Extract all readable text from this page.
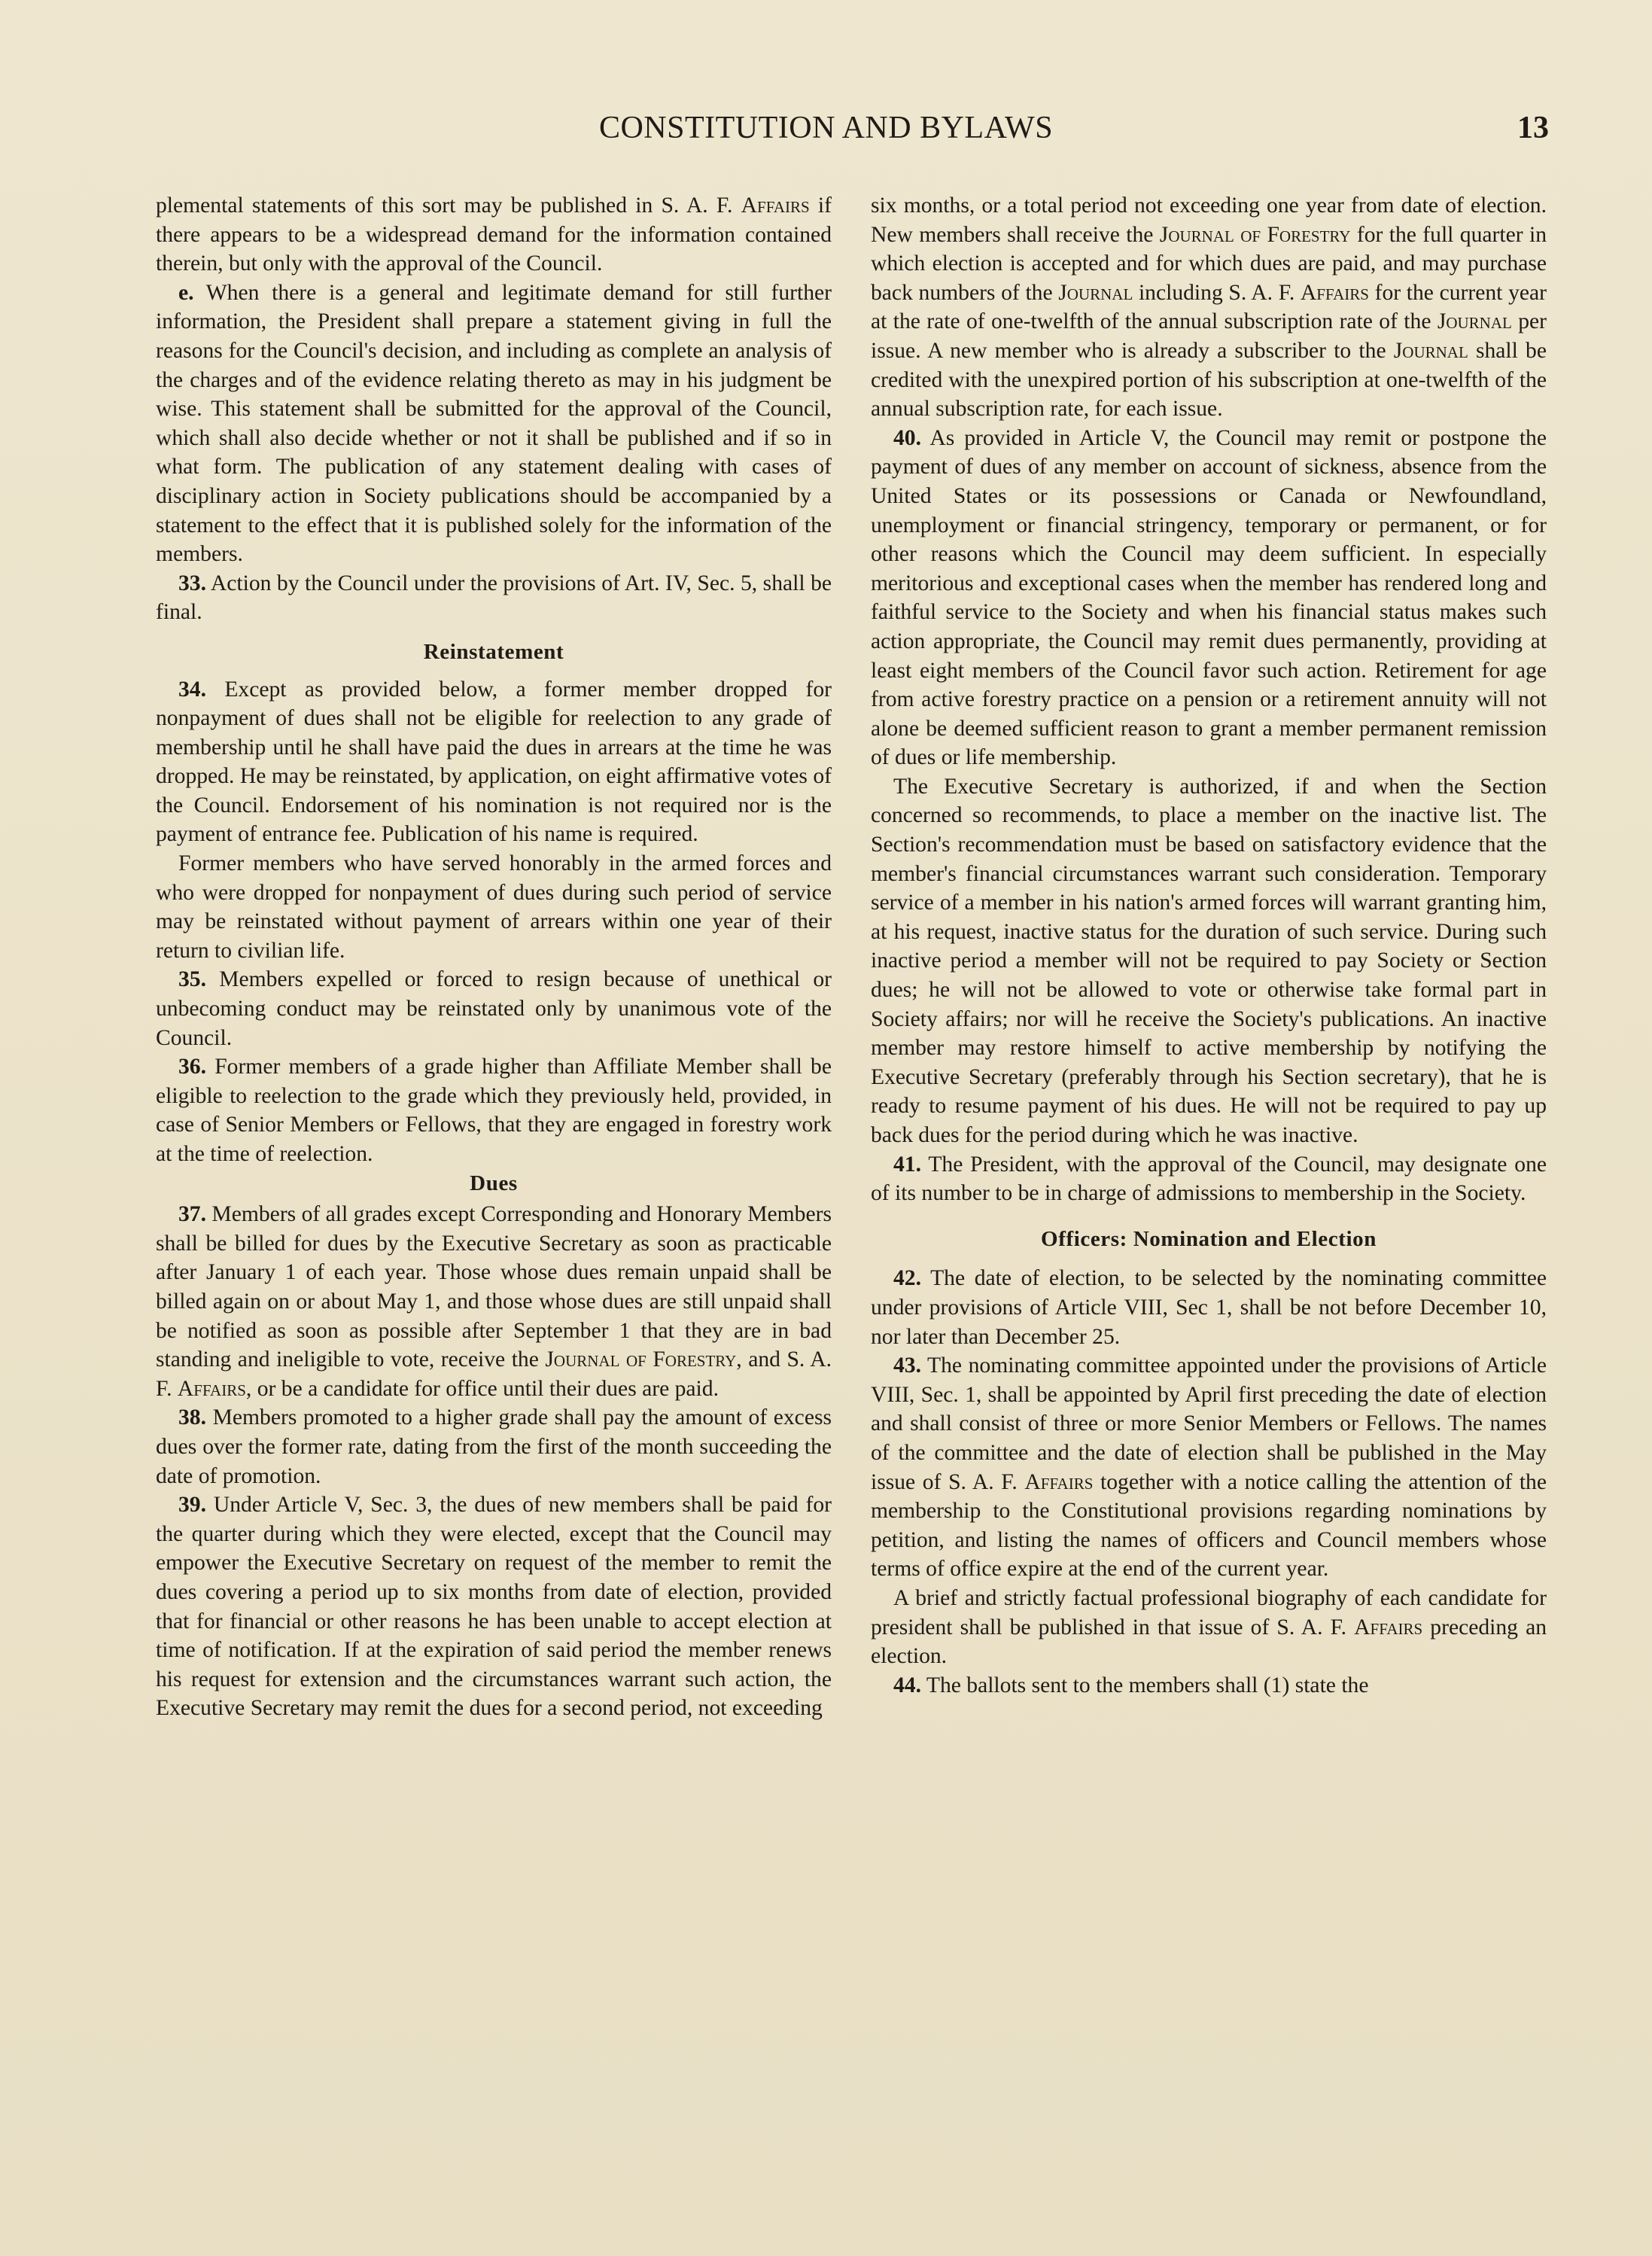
CONSTITUTION AND BYLAWS	13

plemental statements of this sort may be published in S. A. F. Affairs if there appears to be a widespread demand for the information contained therein, but only with the approval of the Council.

e. When there is a general and legitimate demand for still further information, the President shall prepare a statement giving in full the reasons for the Council's decision, and including as complete an analysis of the charges and of the evidence relating thereto as may in his judgment be wise. This statement shall be submitted for the approval of the Council, which shall also decide whether or not it shall be published and if so in what form. The publication of any statement dealing with cases of disciplinary action in Society publications should be accompanied by a statement to the effect that it is published solely for the information of the members.

33. Action by the Council under the provisions of Art. IV, Sec. 5, shall be final.

Reinstatement

34. Except as provided below, a former member dropped for nonpayment of dues shall not be eligible for reelection to any grade of membership until he shall have paid the dues in arrears at the time he was dropped. He may be reinstated, by application, on eight affirmative votes of the Council. Endorsement of his nomination is not required nor is the payment of entrance fee. Publication of his name is required.

Former members who have served honorably in the armed forces and who were dropped for nonpayment of dues during such period of service may be reinstated without payment of arrears within one year of their return to civilian life.

35. Members expelled or forced to resign because of unethical or unbecoming conduct may be reinstated only by unanimous vote of the Council.

36. Former members of a grade higher than Affiliate Member shall be eligible to reelection to the grade which they previously held, provided, in case of Senior Members or Fellows, that they are engaged in forestry work at the time of reelection.

Dues

37. Members of all grades except Corresponding and Honorary Members shall be billed for dues by the Executive Secretary as soon as practicable after January 1 of each year. Those whose dues remain unpaid shall be billed again on or about May 1, and those whose dues are still unpaid shall be notified as soon as possible after September 1 that they are in bad standing and ineligible to vote, receive the Journal of Forestry, and S. A. F. Affairs, or be a candidate for office until their dues are paid.

38. Members promoted to a higher grade shall pay the amount of excess dues over the former rate, dating from the first of the month succeeding the date of promotion.

39. Under Article V, Sec. 3, the dues of new members shall be paid for the quarter during which they were elected, except that the Council may empower the Executive Secretary on request of the member to remit the dues covering a period up to six months from date of election, provided that for financial or other reasons he has been unable to accept election at time of notification. If at the expiration of said period the member renews his request for extension and the circumstances warrant such action, the Executive Secretary may remit the dues for a second period, not exceeding

six months, or a total period not exceeding one year from date of election. New members shall receive the Journal of Forestry for the full quarter in which election is accepted and for which dues are paid, and may purchase back numbers of the Journal including S. A. F. Affairs for the current year at the rate of one-twelfth of the annual subscription rate of the Journal per issue. A new member who is already a subscriber to the Journal shall be credited with the unexpired portion of his subscription at one-twelfth of the annual subscription rate, for each issue.

40. As provided in Article V, the Council may remit or postpone the payment of dues of any member on account of sickness, absence from the United States or its possessions or Canada or Newfoundland, unemployment or financial stringency, temporary or permanent, or for other reasons which the Council may deem sufficient. In especially meritorious and exceptional cases when the member has rendered long and faithful service to the Society and when his financial status makes such action appropriate, the Council may remit dues permanently, providing at least eight members of the Council favor such action. Retirement for age from active forestry practice on a pension or a retirement annuity will not alone be deemed sufficient reason to grant a member permanent remission of dues or life membership.

The Executive Secretary is authorized, if and when the Section concerned so recommends, to place a member on the inactive list. The Section's recommendation must be based on satisfactory evidence that the member's financial circumstances warrant such consideration. Temporary service of a member in his nation's armed forces will warrant granting him, at his request, inactive status for the duration of such service. During such inactive period a member will not be required to pay Society or Section dues; he will not be allowed to vote or otherwise take formal part in Society affairs; nor will he receive the Society's publications. An inactive member may restore himself to active membership by notifying the Executive Secretary (preferably through his Section secretary), that he is ready to resume payment of his dues. He will not be required to pay up back dues for the period during which he was inactive.

41. The President, with the approval of the Council, may designate one of its number to be in charge of admissions to membership in the Society.

Officers: Nomination and Election

42. The date of election, to be selected by the nominating committee under provisions of Article VIII, Sec 1, shall be not before December 10, nor later than December 25.

43. The nominating committee appointed under the provisions of Article VIII, Sec. 1, shall be appointed by April first preceding the date of election and shall consist of three or more Senior Members or Fellows. The names of the committee and the date of election shall be published in the May issue of S. A. F. Affairs together with a notice calling the attention of the membership to the Constitutional provisions regarding nominations by petition, and listing the names of officers and Council members whose terms of office expire at the end of the current year.

A brief and strictly factual professional biography of each candidate for president shall be published in that issue of S. A. F. Affairs preceding an election.

44. The ballots sent to the members shall (1) state the
